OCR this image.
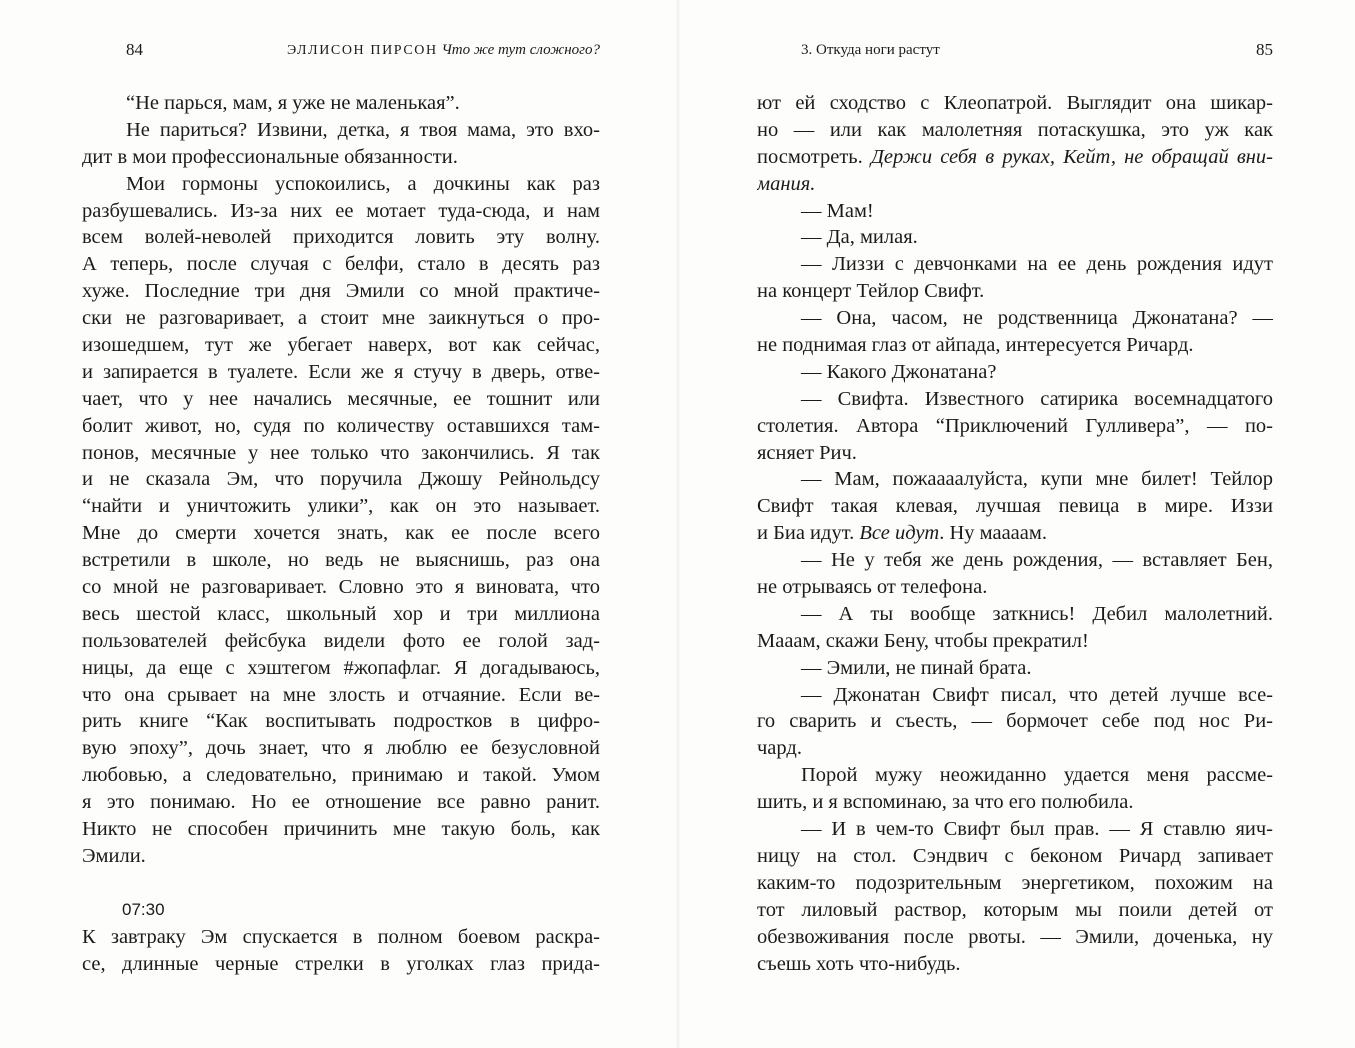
84	ЭЛЛИСОН ПИРСОН Что же тут сложного?
“Не парься, мам, я уже не маленькая”.
Не париться? Извини, детка, я твоя мама, это вхо-
дит в мои профессиональные обязанности.
Мои гормоны успокоились, а дочкины как раз
разбушевались. Из-за них ее мотает туда-сюда, и нам
всем волей-неволей приходится ловить эту волну.
А теперь, после случая с белфи, стало в десять раз
хуже. Последние три дня Эмили со мной практиче-
ски не разговаривает, а стоит мне заикнуться о про-
изошедшем, тут же убегает наверх, вот как сейчас,
и запирается в туалете. Если же я стучу в дверь, отве-
чает, что у нее начались месячные, ее тошнит или
болит живот, но, судя по количеству оставшихся там-
понов, месячные у нее только что закончились. Я так
и не сказала Эм, что поручила Джошу Рейнольдсу
“найти и уничтожить улики”, как он это называет.
Мне до смерти хочется знать, как ее после всего
встретили в школе, но ведь не выяснишь, раз она
со мной не разговаривает. Словно это я виновата, что
весь шестой класс, школьный хор и три миллиона
пользователей фейсбука видели фото ее голой зад-
ницы, да еще с хэштегом #жопафлаг. Я догадываюсь,
что она срывает на мне злость и отчаяние. Если ве-
рить книге “Как воспитывать подростков в цифро-
вую эпоху”, дочь знает, что я люблю ее безусловной
любовью, а следовательно, принимаю и такой. Умом
я это понимаю. Но ее отношение все равно ранит.
Никто не способен причинить мне такую боль, как
Эмили.
07:30
К завтраку Эм спускается в полном боевом раскра-
се, длинные черные стрелки в уголках глаз прида-
3. Откуда ноги растут	85
ют ей сходство с Клеопатрой. Выглядит она шикар-
но — или как малолетняя потаскушка, это уж как
посмотреть. Держи себя в руках, Кейт, не обращай вни-
мания.
— Мам!
— Да, милая.
— Лиззи с девчонками на ее день рождения идут
на концерт Тейлор Свифт.
— Она, часом, не родственница Джонатана? —
не поднимая глаз от айпада, интересуется Ричард.
— Какого Джонатана?
— Свифта. Известного сатирика восемнадцатого
столетия. Автора “Приключений Гулливера”, — по-
ясняет Рич.
— Мам, пожаааалуйста, купи мне билет! Тейлор
Свифт такая клевая, лучшая певица в мире. Иззи
и Биа идут. Все идут. Ну маааам.
— Не у тебя же день рождения, — вставляет Бен,
не отрываясь от телефона.
— А ты вообще заткнись! Дебил малолетний.
Мааам, скажи Бену, чтобы прекратил!
— Эмили, не пинай брата.
— Джонатан Свифт писал, что детей лучше все-
го сварить и съесть, — бормочет себе под нос Ри-
чард.
Порой мужу неожиданно удается меня рассме-
шить, и я вспоминаю, за что его полюбила.
— И в чем-то Свифт был прав. — Я ставлю яич-
ницу на стол. Сэндвич с беконом Ричард запивает
каким-то подозрительным энергетиком, похожим на
тот лиловый раствор, которым мы поили детей от
обезвоживания после рвоты. — Эмили, доченька, ну
съешь хоть что-нибудь.
